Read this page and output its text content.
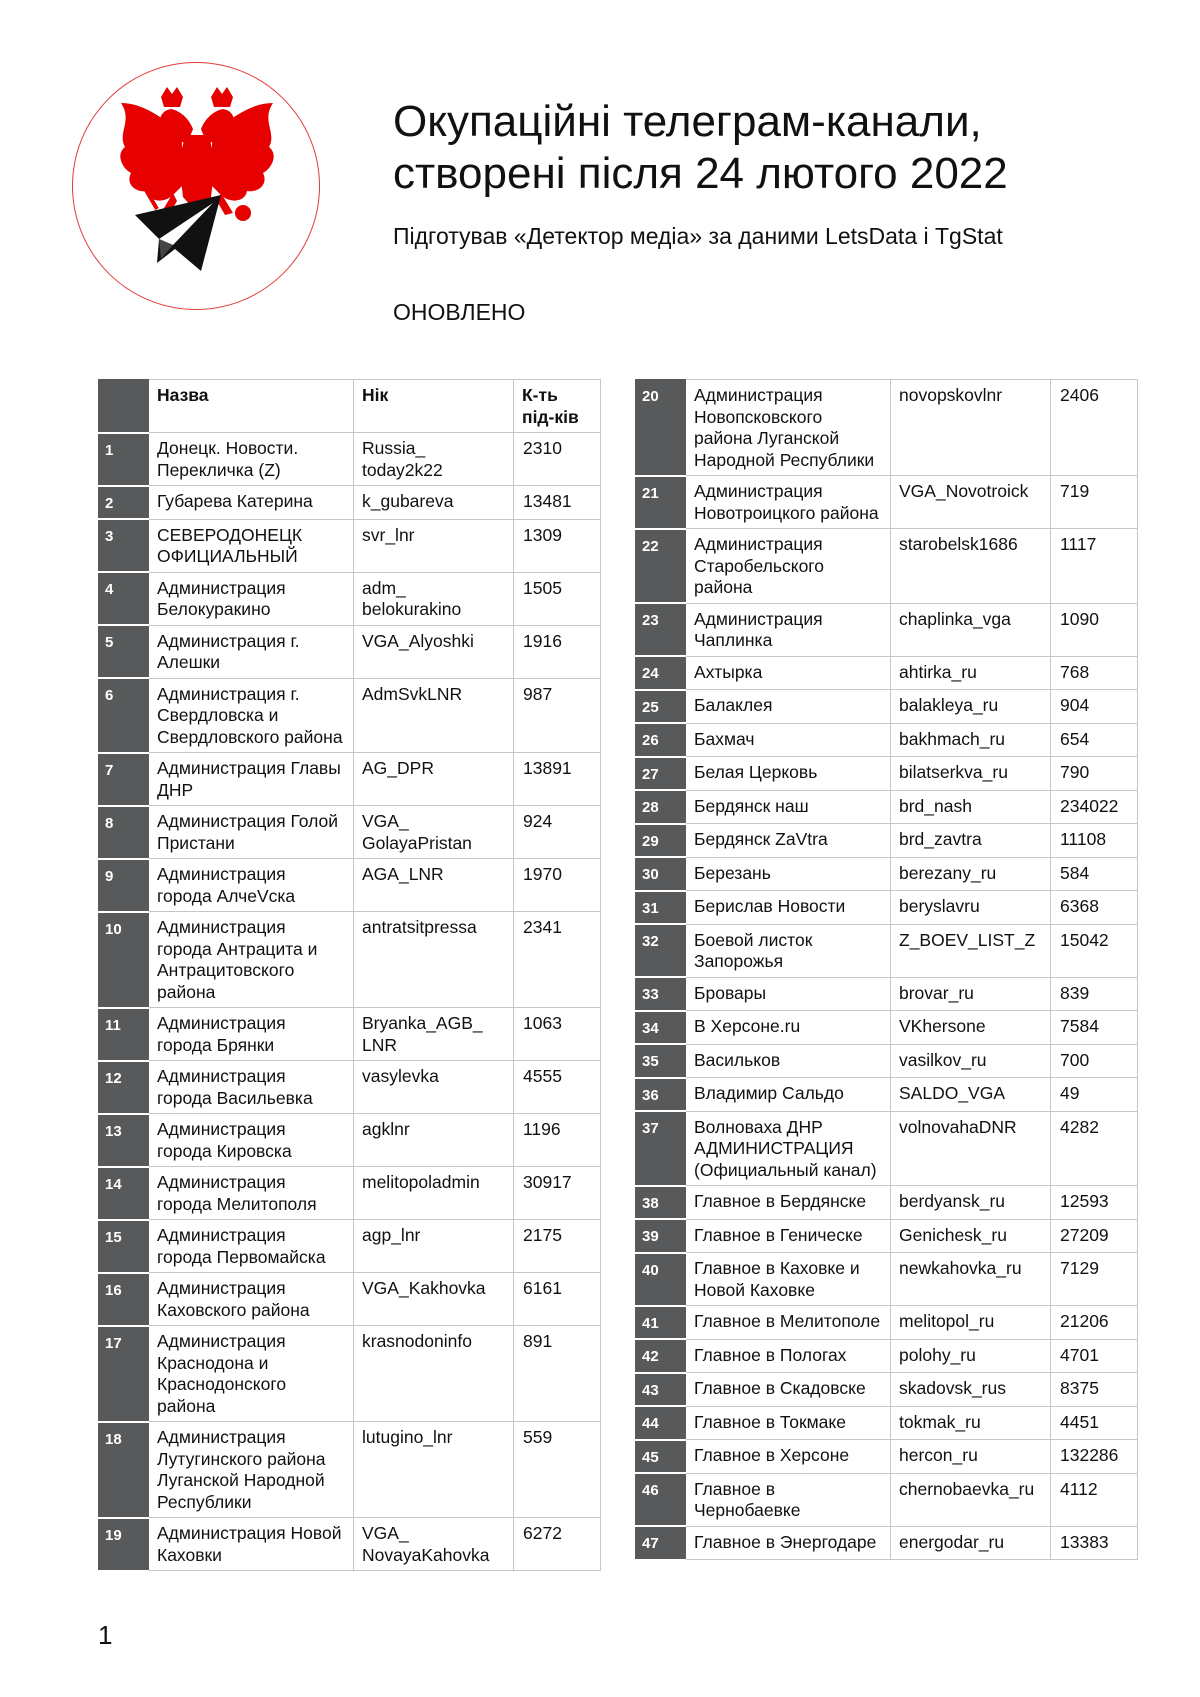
Окупаційні телеграм-канали,
створені після 24 лютого 2022

Підготував «Детектор медіа» за даними LetsData і TgStat

ОНОВЛЕНО

	Назва	Нік	К-ть під-ків
1	Донецк. Новости. Перекличка (Z)	Russia_ today2k22	2310
2	Губарева Катерина	k_gubareva	13481
3	СЕВЕРОДОНЕЦК ОФИЦИАЛЬНЫЙ	svr_lnr	1309
4	Администрация Белокуракино	adm_ belokurakino	1505
5	Администрация г. Алешки	VGA_Alyoshki	1916
6	Администрация г. Свердловска и Свердловского района	AdmSvkLNR	987
7	Администрация Главы ДНР	AG_DPR	13891
8	Администрация Голой Пристани	VGA_ GolayaPristan	924
9	Администрация города АлчеVска	AGA_LNR	1970
10	Администрация города Антрацита и Антрацитовского района	antratsitpressa	2341
11	Администрация города Брянки	Bryanka_AGB_ LNR	1063
12	Администрация города Васильевка	vasylevka	4555
13	Администрация города Кировска	agklnr	1196
14	Администрация города Мелитополя	melitopoladmin	30917
15	Администрация города Первомайска	agp_lnr	2175
16	Администрация Каховского района	VGA_Kakhovka	6161
17	Администрация Краснодона и Краснодонского района	krasnodoninfo	891
18	Администрация Лутугинского района Луганской Народной Республики	lutugino_lnr	559
19	Администрация Новой Каховки	VGA_ NovayaKahovka	6272
20	Администрация Новопсковского района Луганской Народной Республики	novopskovlnr	2406
21	Администрация Новотроицкого района	VGA_Novotroick	719
22	Администрация Старобельского района	starobelsk1686	1117
23	Администрация Чаплинка	chaplinka_vga	1090
24	Ахтырка	ahtirka_ru	768
25	Балаклея	balakleya_ru	904
26	Бахмач	bakhmach_ru	654
27	Белая Церковь	bilatserkva_ru	790
28	Бердянск наш	brd_nash	234022
29	Бердянск ZaVtra	brd_zavtra	11108
30	Березань	berezany_ru	584
31	Берислав Новости	beryslavru	6368
32	Боевой листок Запорожья	Z_BOEV_LIST_Z	15042
33	Бровары	brovar_ru	839
34	В Херсоне.ru	VKhersone	7584
35	Васильков	vasilkov_ru	700
36	Владимир Сальдо	SALDO_VGA	49
37	Волноваха ДНР АДМИНИСТРАЦИЯ (Официальный канал)	volnovahaDNR	4282
38	Главное в Бердянске	berdyansk_ru	12593
39	Главное в Геническе	Genichesk_ru	27209
40	Главное в Каховке и Новой Каховке	newkahovka_ru	7129
41	Главное в Мелитополе	melitopol_ru	21206
42	Главное в Пологах	polohy_ru	4701
43	Главное в Скадовске	skadovsk_rus	8375
44	Главное в Токмаке	tokmak_ru	4451
45	Главное в Херсоне	hercon_ru	132286
46	Главное в Чернобаевке	chernobaevka_ru	4112
47	Главное в Энергодаре	energodar_ru	13383

1
